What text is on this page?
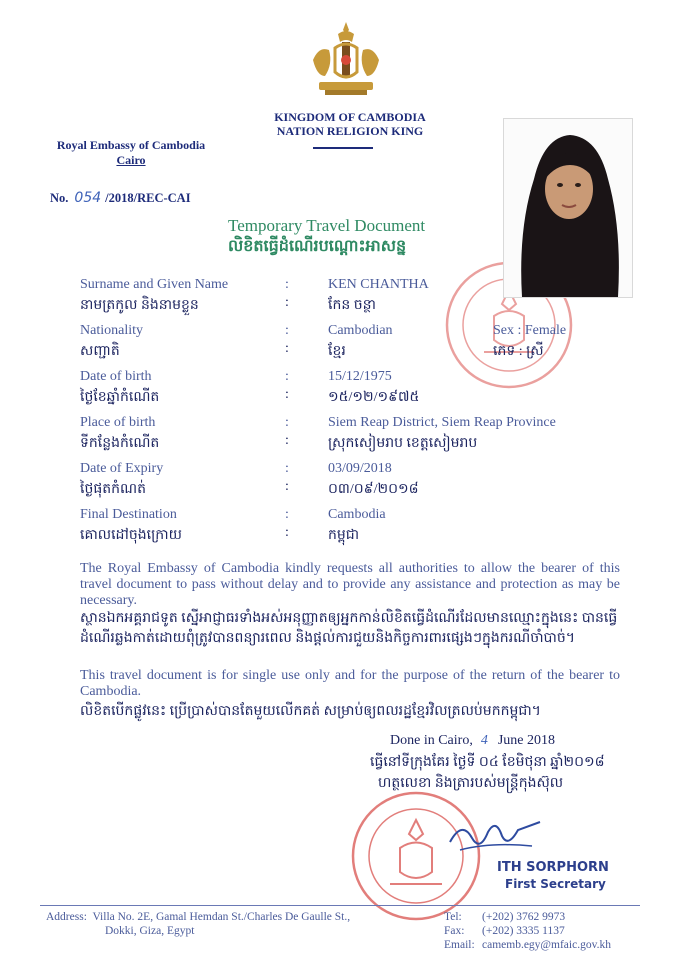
KINGDOM OF CAMBODIA
NATION RELIGION KING
Royal Embassy of Cambodia
Cairo
No. 054 /2018/REC-CAI
Temporary Travel Document
លិខិតធ្វើដំណើរបណ្ដោះអាសន្ន
Surname and Given Name
នាមត្រកូល និងនាមខ្លួន
:
:
KEN CHANTHA
កែន ចន្ថា
Nationality
សញ្ជាតិ
:
:
Cambodian
ខ្មែរ
Sex : Female
ភេទ : ស្រី
Date of birth
ថ្ងៃខែឆ្នាំកំណើត
:
:
15/12/1975
១៥/១២/១៩៧៥
Place of birth
ទីកន្លែងកំណើត
:
:
Siem Reap District, Siem Reap Province
ស្រុកសៀមរាប ខេត្តសៀមរាប
Date of Expiry
ថ្ងៃផុតកំណត់
:
:
03/09/2018
០៣/០៩/២០១៨
Final Destination
គោលដៅចុងក្រោយ
:
:
Cambodia
កម្ពុជា
The Royal Embassy of Cambodia kindly requests all authorities to allow the bearer of this travel document to pass without delay and to provide any assistance and protection as may be necessary.
ស្ថានឯកអគ្គរាជទូត ស្នើអាជ្ញាធរទាំងអស់អនុញ្ញាតឲ្យអ្នកកាន់លិខិតធ្វើដំណើរដែលមានឈ្មោះក្នុងនេះ បានធ្វើដំណើរឆ្លងកាត់ដោយពុំត្រូវបានពន្យារពេល និងផ្ដល់ការជួយនិងកិច្ចការពារផ្សេងៗក្នុងករណីចាំបាច់។
This travel document is for single use only and for the purpose of the return of the bearer to Cambodia.
លិខិតបើកផ្លូវនេះ ប្រើប្រាស់បានតែមួយលើកគត់ សម្រាប់ឲ្យពលរដ្ឋខ្មែរវិលត្រលប់មកកម្ពុជា។
Done in Cairo, 4 June 2018
ធ្វើនៅទីក្រុងគែរ ថ្ងៃទី ០៤ ខែមិថុនា ឆ្នាំ២០១៨
ហត្ថលេខា និងត្រារបស់មន្ត្រីកុងស៊ុល
ITH SORPHORN
First Secretary
Address: Villa No. 2E, Gamal Hemdan St./Charles De Gaulle St.,
Dokki, Giza, Egypt
Tel: (+202) 3762 9973
Fax: (+202) 3335 1137
Email: camemb.egy@mfaic.gov.kh
